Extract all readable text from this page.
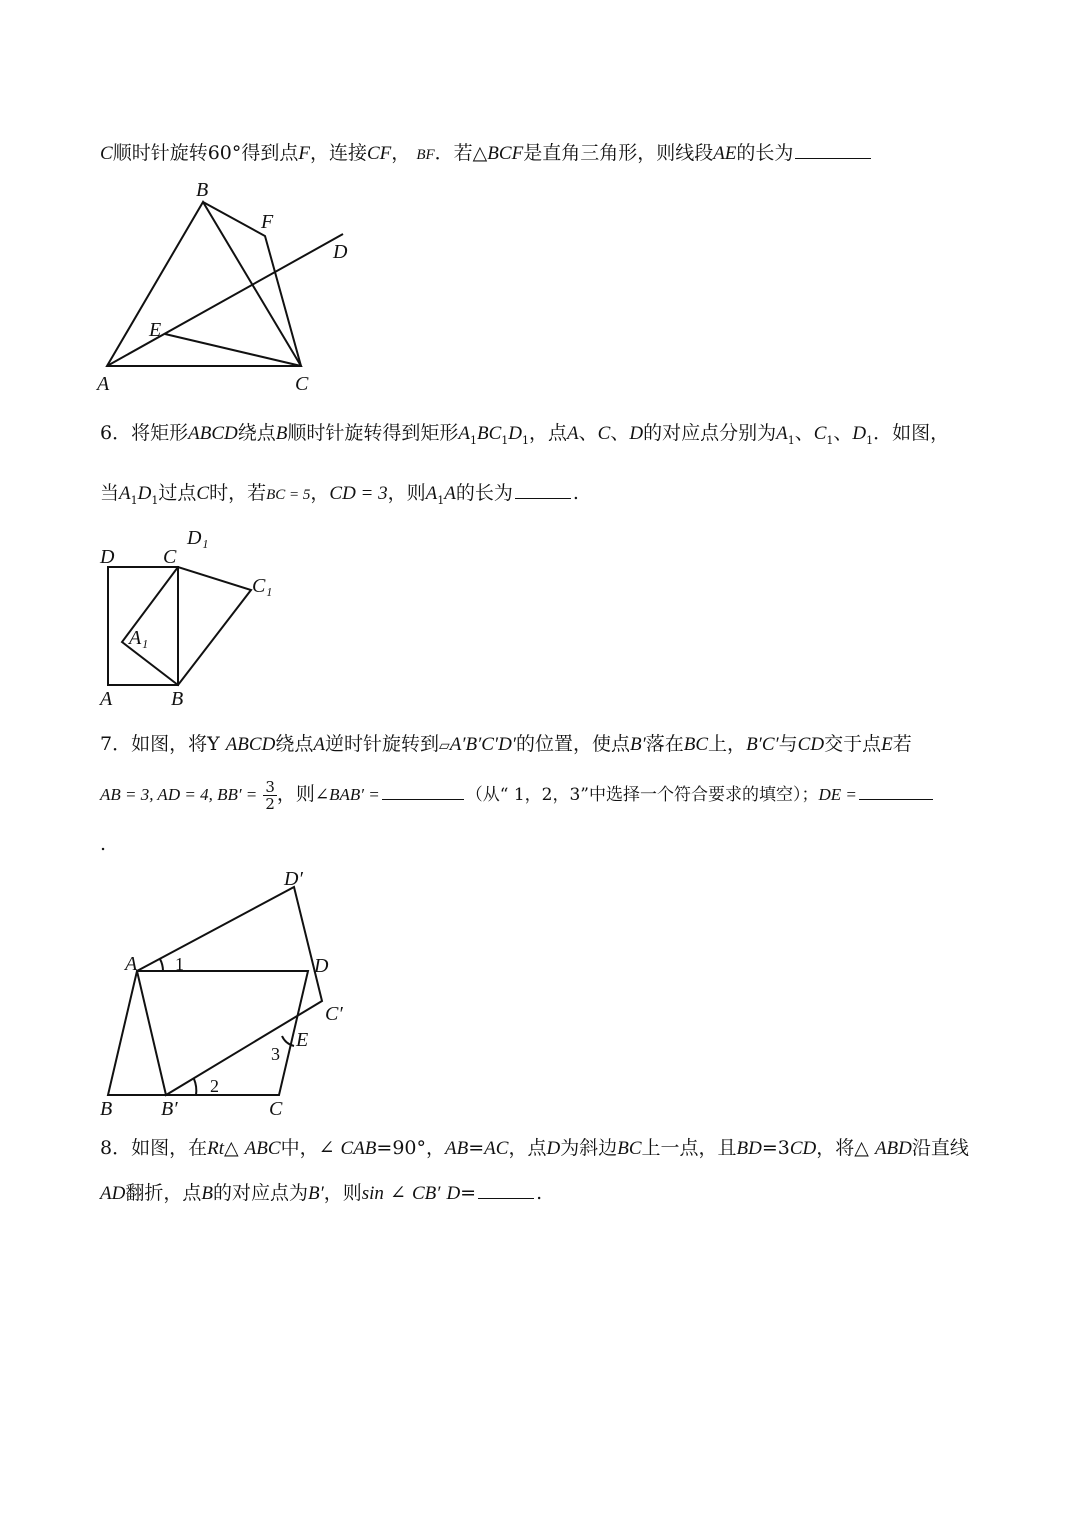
C顺时针旋转60°得到点F，连接CF， BF．若△BCF是直角三角形，则线段AE的长为
A
B
C
D
E
F
6．将矩形ABCD绕点B顺时针旋转得到矩形$A_1BC_1D_1$，点A、C、D的对应点分别为$A_1$、$C_1$、$D_1$．如图，
当$A_1D_1$过点C时，若BC = 5，CD = 3，则$A_1A$的长为	.
D C
D₁
C₁
A₁
A	B
7．如图，将Y ABCD绕点A逆时针旋转到▱A′B′C′D′的位置，使点B′落在BC上，B′C′与CD交于点E若
AB = 3, AD = 4, $BB' = \frac{3}{2}$ ，则∠BAB′ =	（从“ 1，2，3”中选择一个符合要求的填空）；DE =
.
A	D
D′
C′
E
B B′	C
1
2
3
8．如图，在Rt△ ABC中，∠ CAB=90°，AB=AC，点D为斜边BC上一点，且BD=3CD，将△ ABD沿直线
AD翻折，点B的对应点为B′，则sin ∠ CB′ D=	.
